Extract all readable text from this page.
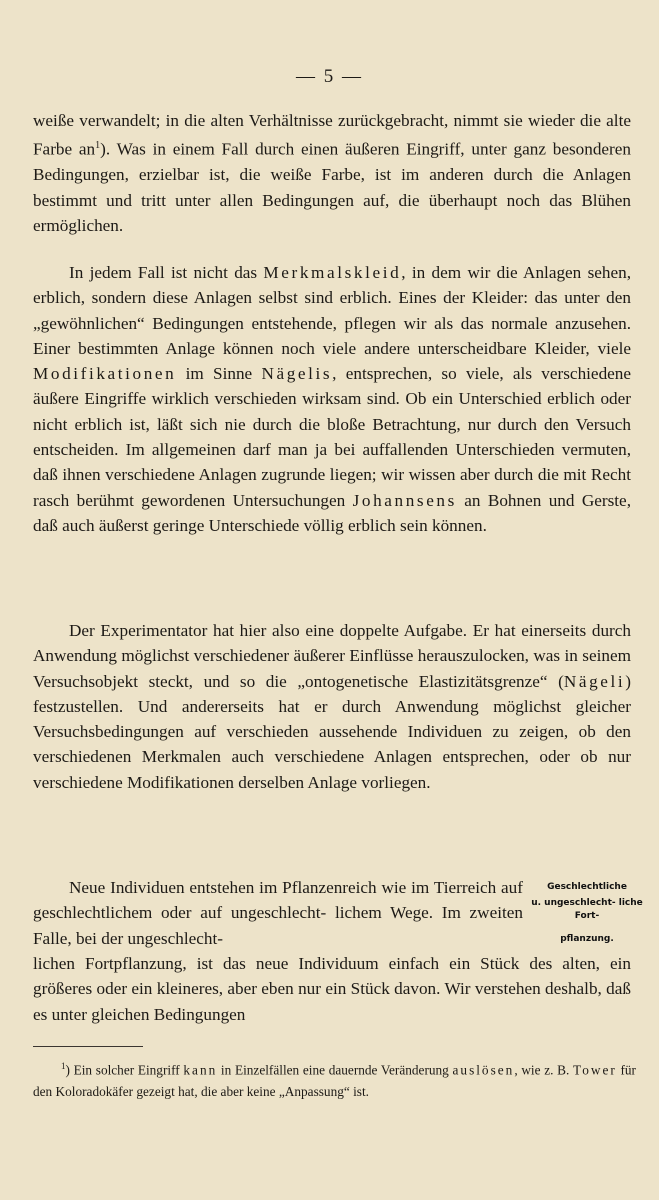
— 5 —
weiße verwandelt; in die alten Verhältnisse zurückgebracht, nimmt sie wieder die alte Farbe $an^1$). Was in einem Fall durch einen äußeren Eingriff, unter ganz besonderen Bedingungen, erzielbar ist, die weiße Farbe, ist im anderen durch die Anlagen bestimmt und tritt unter allen Bedingungen auf, die überhaupt noch das Blühen ermöglichen.
In jedem Fall ist nicht das Merkmalskleid, in dem wir die Anlagen sehen, erblich, sondern diese Anlagen selbst sind erblich. Eines der Kleider: das unter den „gewöhnlichen“ Bedingungen entstehende, pflegen wir als das normale anzusehen. Einer bestimmten Anlage können noch viele andere unterscheidbare Kleider, viele Modifikationen im Sinne Nägelis, entsprechen, so viele, als verschiedene äußere Eingriffe wirklich verschieden wirksam sind. Ob ein Unterschied erblich oder nicht erblich ist, läßt sich nie durch die bloße Betrachtung, nur durch den Versuch entscheiden. Im allgemeinen darf man ja bei auffallenden Unterschieden vermuten, daß ihnen verschiedene Anlagen zugrunde liegen; wir wissen aber durch die mit Recht rasch berühmt gewordenen Untersuchungen Johannsens an Bohnen und Gerste, daß auch äußerst geringe Unterschiede völlig erblich sein können.
Der Experimentator hat hier also eine doppelte Aufgabe. Er hat einerseits durch Anwendung möglichst verschiedener äußerer Einflüsse herauszulocken, was in seinem Versuchsobjekt steckt, und so die „ontogenetische Elastizitätsgrenze“ (Nägeli) festzustellen. Und andererseits hat er durch Anwendung möglichst gleicher Versuchsbedingungen auf verschieden aussehende Individuen zu zeigen, ob den verschiedenen Merkmalen auch verschiedene Anlagen entsprechen, oder ob nur verschiedene Modifikationen derselben Anlage vorliegen.
Neue Individuen entstehen im Pflanzenreich wie im Tierreich auf geschlechtlichem oder auf ungeschlecht- lichem Wege. Im zweiten Falle, bei der ungeschlecht-
lichen Fortpflanzung, ist das neue Individuum einfach ein Stück des alten, ein größeres oder ein kleineres, aber eben nur ein Stück davon. Wir verstehen deshalb, daß es unter gleichen Bedingungen
Geschlechtliche
u. ungeschlecht- liche Fort-
pflanzung.
$^1$) Ein solcher Eingriff kann in Einzelfällen eine dauernde Veränderung auslösen, wie z. B. Tower für den Koloradokäfer gezeigt hat, die aber keine „Anpassung“ ist.
